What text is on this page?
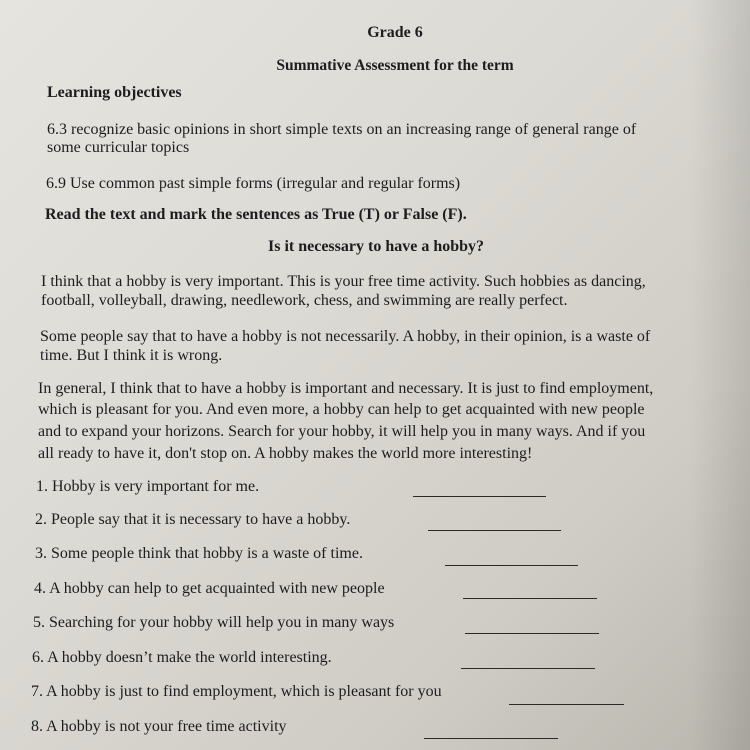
Grade 6
Summative Assessment for the term
Learning objectives
6.3 recognize basic opinions in short simple texts on an increasing range of general range of
some curricular topics
6.9 Use common past simple forms (irregular and regular forms)
Read the text and mark the sentences as True (T) or False (F).
Is it necessary to have a hobby?
I think that a hobby is very important. This is your free time activity. Such hobbies as dancing,
football, volleyball, drawing, needlework, chess, and swimming are really perfect.
Some people say that to have a hobby is not necessarily. A hobby, in their opinion, is a waste of
time. But I think it is wrong.
In general, I think that to have a hobby is important and necessary. It is just to find employment,
which is pleasant for you. And even more, a hobby can help to get acquainted with new people
and to expand your horizons. Search for your hobby, it will help you in many ways. And if you
all ready to have it, don't stop on. A hobby makes the world more interesting!
1. Hobby is very important for me.
2. People say that it is necessary to have a hobby.
3. Some people think that hobby is a waste of time.
4. A hobby can help to get acquainted with new people
5. Searching for your hobby will help you in many ways
6. A hobby doesn’t make the world interesting.
7. A hobby is just to find employment, which is pleasant for you
8. A hobby is not your free time activity
